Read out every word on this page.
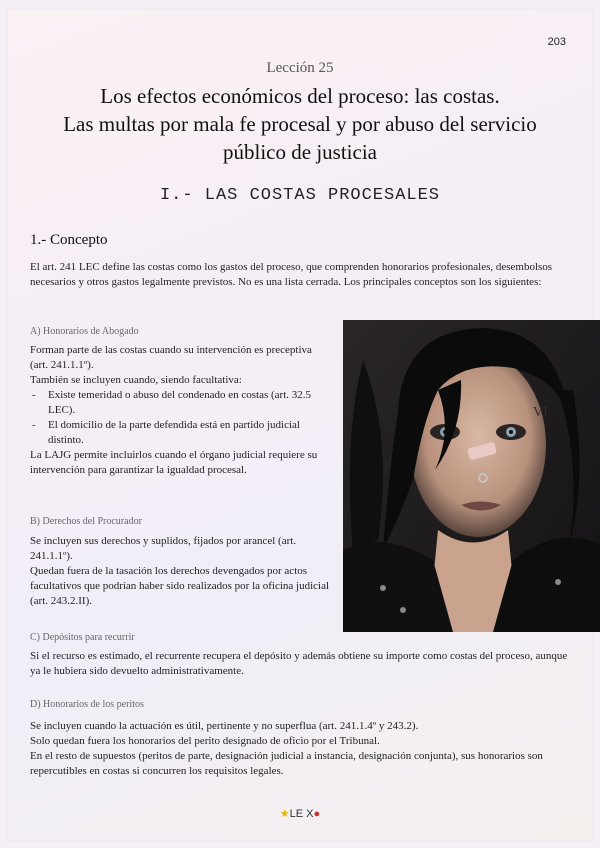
203
Lección 25
Los efectos económicos del proceso: las costas.
Las multas por mala fe procesal y por abuso del servicio
público de justicia
I.- LAS COSTAS PROCESALES
1.- Concepto
El art. 241 LEC define las costas como los gastos del proceso, que comprenden honorarios profesionales, desembolsos necesarios y otros gastos legalmente previstos. No es una lista cerrada. Los principales conceptos son los siguientes:
A) Honorarios de Abogado

Forman parte de las costas cuando su intervención es preceptiva (art. 241.1.1º).

También se incluyen cuando, siendo facultativa:

- Existe temeridad o abuso del condenado en costas (art. 32.5 LEC).
- El domicilio de la parte defendida está en partido judicial distinto.

La LAJG permite incluirlos cuando el órgano judicial requiere su intervención para garantizar la igualdad procesal.

B) Derechos del Procurador

Se incluyen sus derechos y suplidos, fijados por arancel (art. 241.1.1º).

Quedan fuera de la tasación los derechos devengados por actos facultativos que podrían haber sido realizados por la oficina judicial (art. 243.2.II).

VI
C) Depósitos para recurrir
Si el recurso es estimado, el recurrente recupera el depósito y además obtiene su importe como costas del proceso, aunque ya le hubiera sido devuelto administrativamente.
D) Honorarios de los peritos
Se incluyen cuando la actuación es útil, pertinente y no superflua (art. 241.1.4º y 243.2).
Solo quedan fuera los honorarios del perito designado de oficio por el Tribunal.
En el resto de supuestos (peritos de parte, designación judicial a instancia, designación conjunta), sus honorarios son repercutibles en costas si concurren los requisitos legales.
★LE X●
